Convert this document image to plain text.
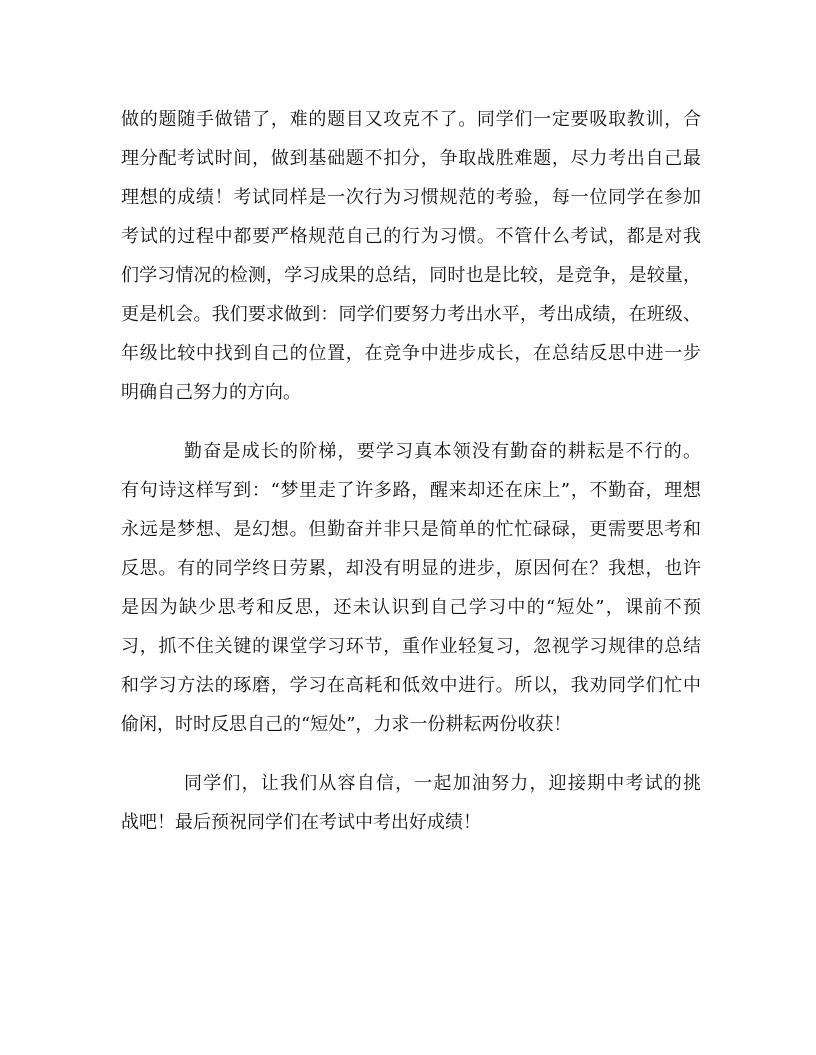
做的题随手做错了，难的题目又攻克不了。同学们一定要吸取教训，合
理分配考试时间，做到基础题不扣分，争取战胜难题，尽力考出自己最
理想的成绩！考试同样是一次行为习惯规范的考验，每一位同学在参加
考试的过程中都要严格规范自己的行为习惯。不管什么考试，都是对我
们学习情况的检测，学习成果的总结，同时也是比较，是竞争，是较量，
更是机会。我们要求做到：同学们要努力考出水平，考出成绩，在班级、
年级比较中找到自己的位置，在竞争中进步成长，在总结反思中进一步
明确自己努力的方向。
勤奋是成长的阶梯，要学习真本领没有勤奋的耕耘是不行的。
有句诗这样写到：“梦里走了许多路，醒来却还在床上”，不勤奋，理想
永远是梦想、是幻想。但勤奋并非只是简单的忙忙碌碌，更需要思考和
反思。有的同学终日劳累，却没有明显的进步，原因何在？我想，也许
是因为缺少思考和反思，还未认识到自己学习中的“短处”，课前不预
习，抓不住关键的课堂学习环节，重作业轻复习，忽视学习规律的总结
和学习方法的琢磨，学习在高耗和低效中进行。所以，我劝同学们忙中
偷闲，时时反思自己的“短处”，力求一份耕耘两份收获！
同学们，让我们从容自信，一起加油努力，迎接期中考试的挑
战吧！最后预祝同学们在考试中考出好成绩！
